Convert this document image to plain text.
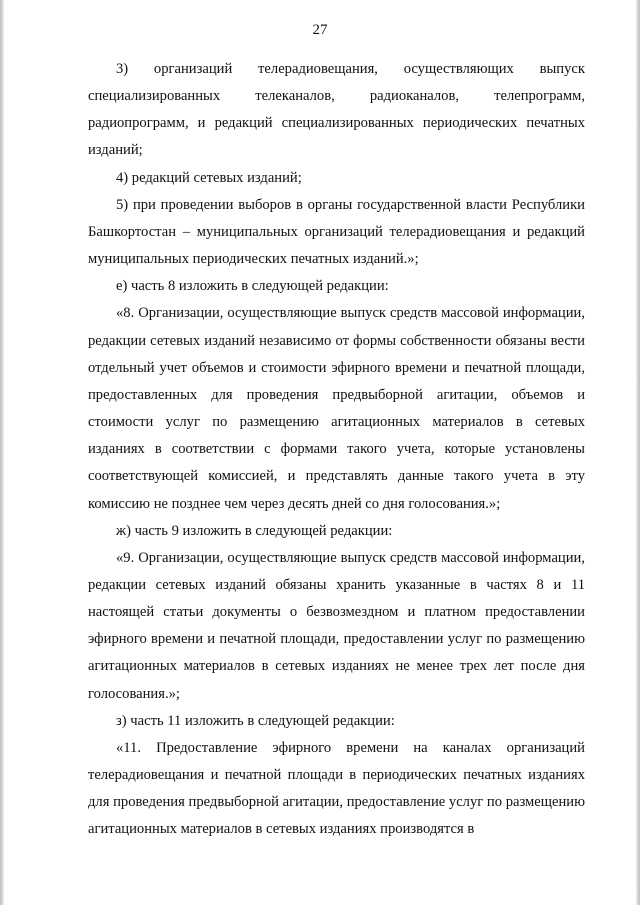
27

3) организаций телерадиовещания, осуществляющих выпуск специализированных телеканалов, радиоканалов, телепрограмм, радиопрограмм, и редакций специализированных периодических печатных изданий;

4) редакций сетевых изданий;

5) при проведении выборов в органы государственной власти Республики Башкортостан – муниципальных организаций телерадиовещания и редакций муниципальных периодических печатных изданий.»;

е) часть 8 изложить в следующей редакции:

«8. Организации, осуществляющие выпуск средств массовой информации, редакции сетевых изданий независимо от формы собственности обязаны вести отдельный учет объемов и стоимости эфирного времени и печатной площади, предоставленных для проведения предвыборной агитации, объемов и стоимости услуг по размещению агитационных материалов в сетевых изданиях в соответствии с формами такого учета, которые установлены соответствующей комиссией, и представлять данные такого учета в эту комиссию не позднее чем через десять дней со дня голосования.»;

ж) часть 9 изложить в следующей редакции:

«9. Организации, осуществляющие выпуск средств массовой информации, редакции сетевых изданий обязаны хранить указанные в частях 8 и 11 настоящей статьи документы о безвозмездном и платном предоставлении эфирного времени и печатной площади, предоставлении услуг по размещению агитационных материалов в сетевых изданиях не менее трех лет после дня голосования.»;

з) часть 11 изложить в следующей редакции:

«11. Предоставление эфирного времени на каналах организаций телерадиовещания и печатной площади в периодических печатных изданиях для проведения предвыборной агитации, предоставление услуг по размещению агитационных материалов в сетевых изданиях производятся в
